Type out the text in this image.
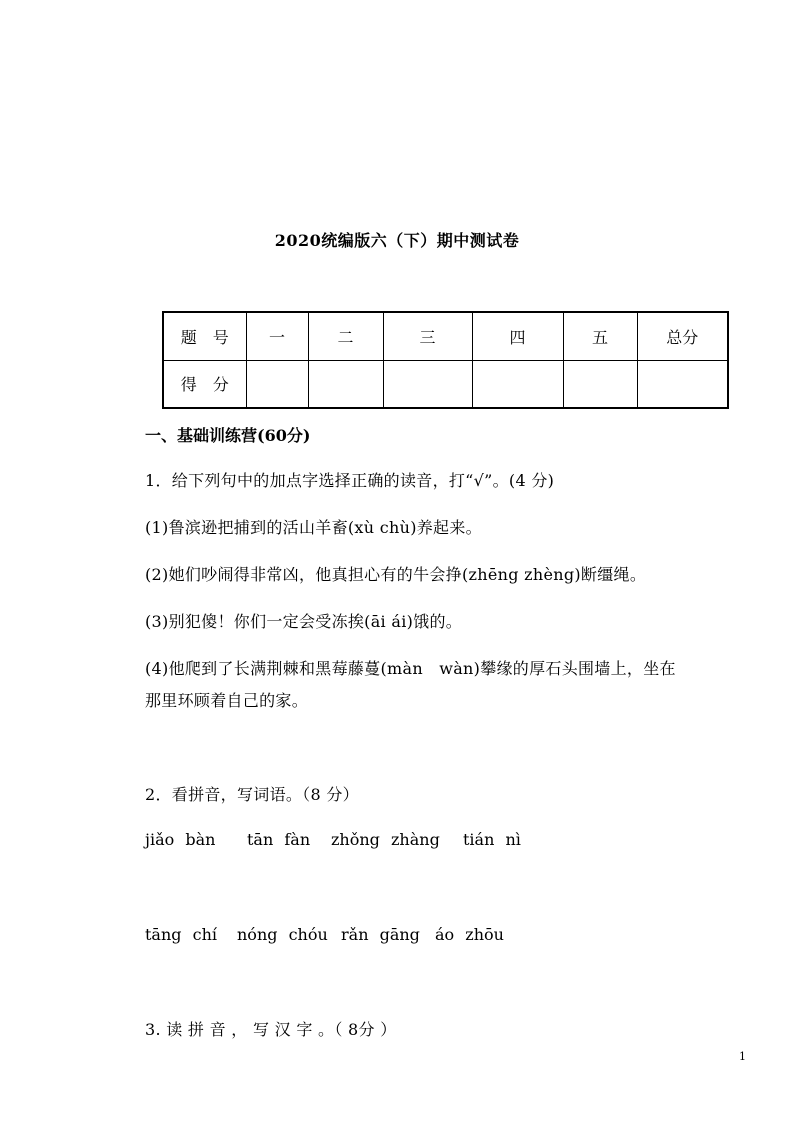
2020统编版六（下）期中测试卷
题　号	一	二	三	四	五	总分
得　分						
一、基础训练营(60分)
1．给下列句中的加点字选择正确的读音，打“√”。(4 分)
(1)鲁滨逊把捕到的活山羊畜(xù chù)养起来。
(2)她们吵闹得非常凶，他真担心有的牛会挣(zhēng zhèng)断缰绳。
(3)别犯傻！你们一定会受冻挨(āi ái)饿的。
(4)他爬到了长满荆棘和黑莓藤蔓(màn　wàn)攀缘的厚石头围墙上，坐在
那里环顾着自己的家。
2．看拼音，写词语。（8 分）
jiǎo bàn tān fàn zhǒng zhàng tián nì
tāng chí nóng chóu rǎn gāng áo zhōu
3. 读 拼 音 ， 写 汉 字 。（ 8分 ）
1
